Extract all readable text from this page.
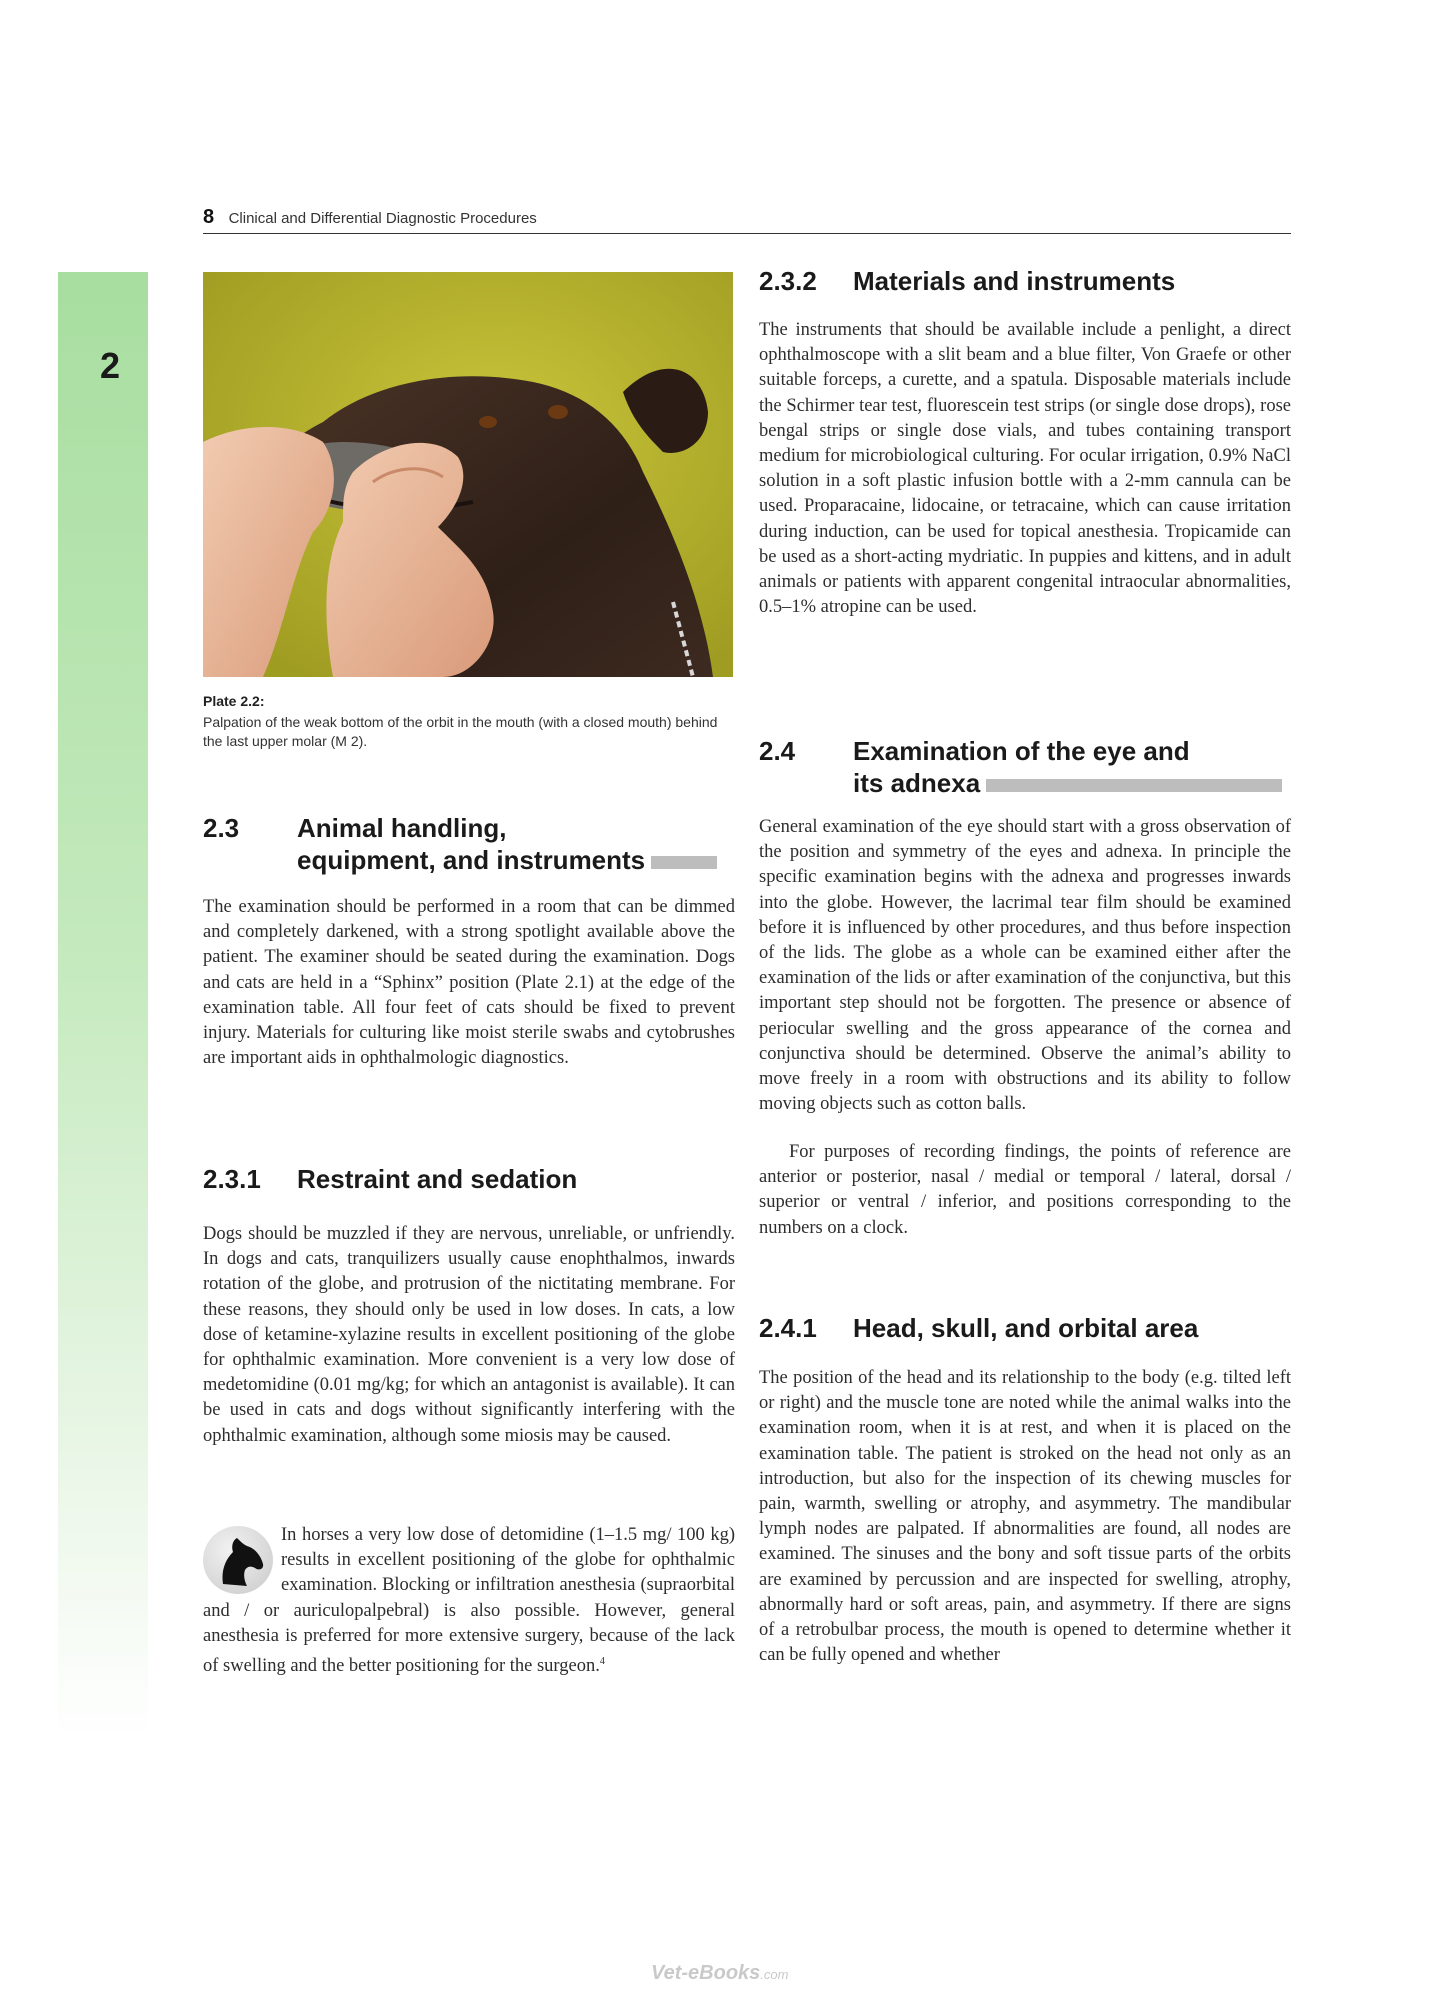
2
8 Clinical and Differential Diagnostic Procedures
Plate 2.2:
Palpation of the weak bottom of the orbit in the mouth (with a closed mouth) behind the last upper molar (M 2).
2.3 Animal handling,
equipment, and instruments

The examination should be performed in a room that can be dimmed and completely darkened, with a strong spotlight available above the patient. The examiner should be seated during the examination. Dogs and cats are held in a “Sphinx” position (Plate 2.1) at the edge of the examination table. All four feet of cats should be fixed to prevent injury. Materials for culturing like moist sterile swabs and cytobrushes are important aids in ophthalmologic diagnostics.

2.3.1 Restraint and sedation

Dogs should be muzzled if they are nervous, unreliable, or unfriendly. In dogs and cats, tranquilizers usually cause enophthalmos, inwards rotation of the globe, and protrusion of the nictitating membrane. For these reasons, they should only be used in low doses. In cats, a low dose of ketamine-xylazine results in excellent positioning of the globe for ophthalmic examination. More convenient is a very low dose of medetomidine (0.01 mg/kg; for which an antagonist is available). It can be used in cats and dogs without significantly interfering with the ophthalmic examination, although some miosis may be caused.

In horses a very low dose of detomidine (1–1.5 mg/ 100 kg) results in excellent positioning of the globe for ophthalmic examination. Blocking or infiltration anesthesia (supraorbital and / or auriculopalpebral) is also possible. However, general anesthesia is preferred for more extensive surgery, because of the lack of swelling and the better positioning for the surgeon.$^4$

2.3.2 Materials and instruments

The instruments that should be available include a penlight, a direct ophthalmoscope with a slit beam and a blue filter, Von Graefe or other suitable forceps, a curette, and a spatula. Disposable materials include the Schirmer tear test, fluorescein test strips (or single dose drops), rose bengal strips or single dose vials, and tubes containing transport medium for microbiological culturing. For ocular irrigation, 0.9% NaCl solution in a soft plastic infusion bottle with a 2-mm cannula can be used. Proparacaine, lidocaine, or tetracaine, which can cause irritation during induction, can be used for topical anesthesia. Tropicamide can be used as a short-acting mydriatic. In puppies and kittens, and in adult animals or patients with apparent congenital intraocular abnormalities, 0.5–1% atropine can be used.

2.4 Examination of the eye and
its adnexa

General examination of the eye should start with a gross observation of the position and symmetry of the eyes and adnexa. In principle the specific examination begins with the adnexa and progresses inwards into the globe. However, the lacrimal tear film should be examined before it is influenced by other procedures, and thus before inspection of the lids. The globe as a whole can be examined either after the examination of the lids or after examination of the conjunctiva, but this important step should not be forgotten. The presence or absence of periocular swelling and the gross appearance of the cornea and conjunctiva should be determined. Observe the animal’s ability to move freely in a room with obstructions and its ability to follow moving objects such as cotton balls.

For purposes of recording findings, the points of reference are anterior or posterior, nasal / medial or temporal / lateral, dorsal / superior or ventral / inferior, and positions corresponding to the numbers on a clock.

2.4.1 Head, skull, and orbital area

The position of the head and its relationship to the body (e.g. tilted left or right) and the muscle tone are noted while the animal walks into the examination room, when it is at rest, and when it is placed on the examination table. The patient is stroked on the head not only as an introduction, but also for the inspection of its chewing muscles for pain, warmth, swelling or atrophy, and asymmetry. The mandibular lymph nodes are palpated. If abnormalities are found, all nodes are examined. The sinuses and the bony and soft tissue parts of the orbits are examined by percussion and are inspected for swelling, atrophy, abnormally hard or soft areas, pain, and asymmetry. If there are signs of a retrobulbar process, the mouth is opened to determine whether it can be fully opened and whether

Vet-eBooks.com
